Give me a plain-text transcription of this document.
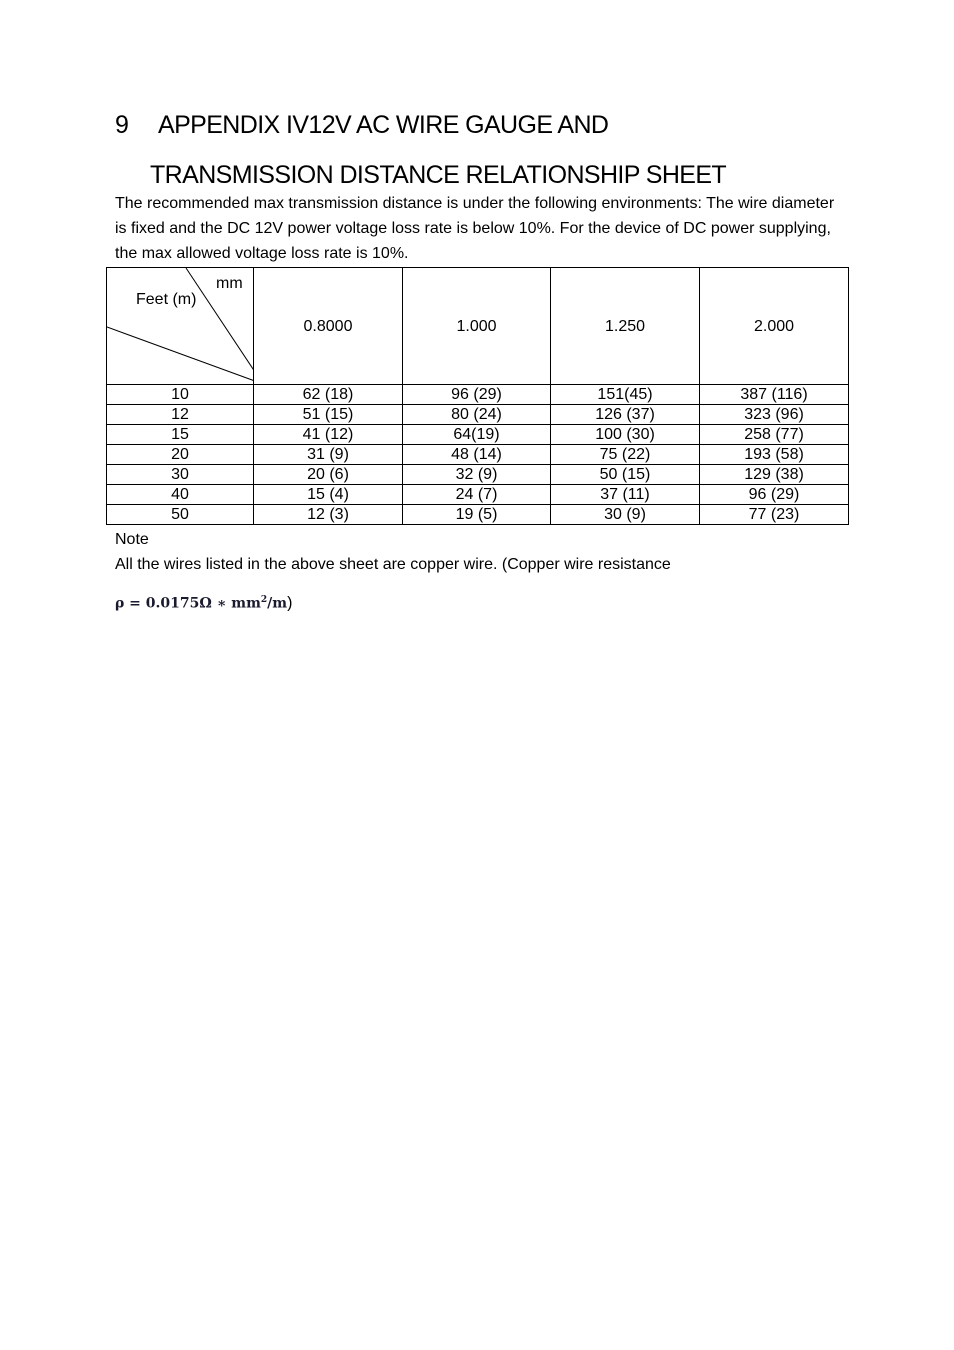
9 APPENDIX IV12V AC WIRE GAUGE AND
TRANSMISSION DISTANCE RELATIONSHIP SHEET

The recommended max transmission distance is under the following environments: The wire diameter is fixed and the DC 12V power voltage loss rate is below 10%. For the device of DC power supplying, the max allowed voltage loss rate is 10%.

mm
Feet (m)	0.8000	1.000	1.250	2.000
10	62 (18)	96 (29)	151(45)	387 (116)
12	51 (15)	80 (24)	126 (37)	323 (96)
15	41 (12)	64(19)	100 (30)	258 (77)
20	31 (9)	48 (14)	75 (22)	193 (58)
30	20 (6)	32 (9)	50 (15)	129 (38)
40	15 (4)	24 (7)	37 (11)	96 (29)
50	12 (3)	19 (5)	30 (9)	77 (23)

Note
All the wires listed in the above sheet are copper wire. (Copper wire resistance

ρ = 0.0175Ω ∗ $mm^2/m$)
